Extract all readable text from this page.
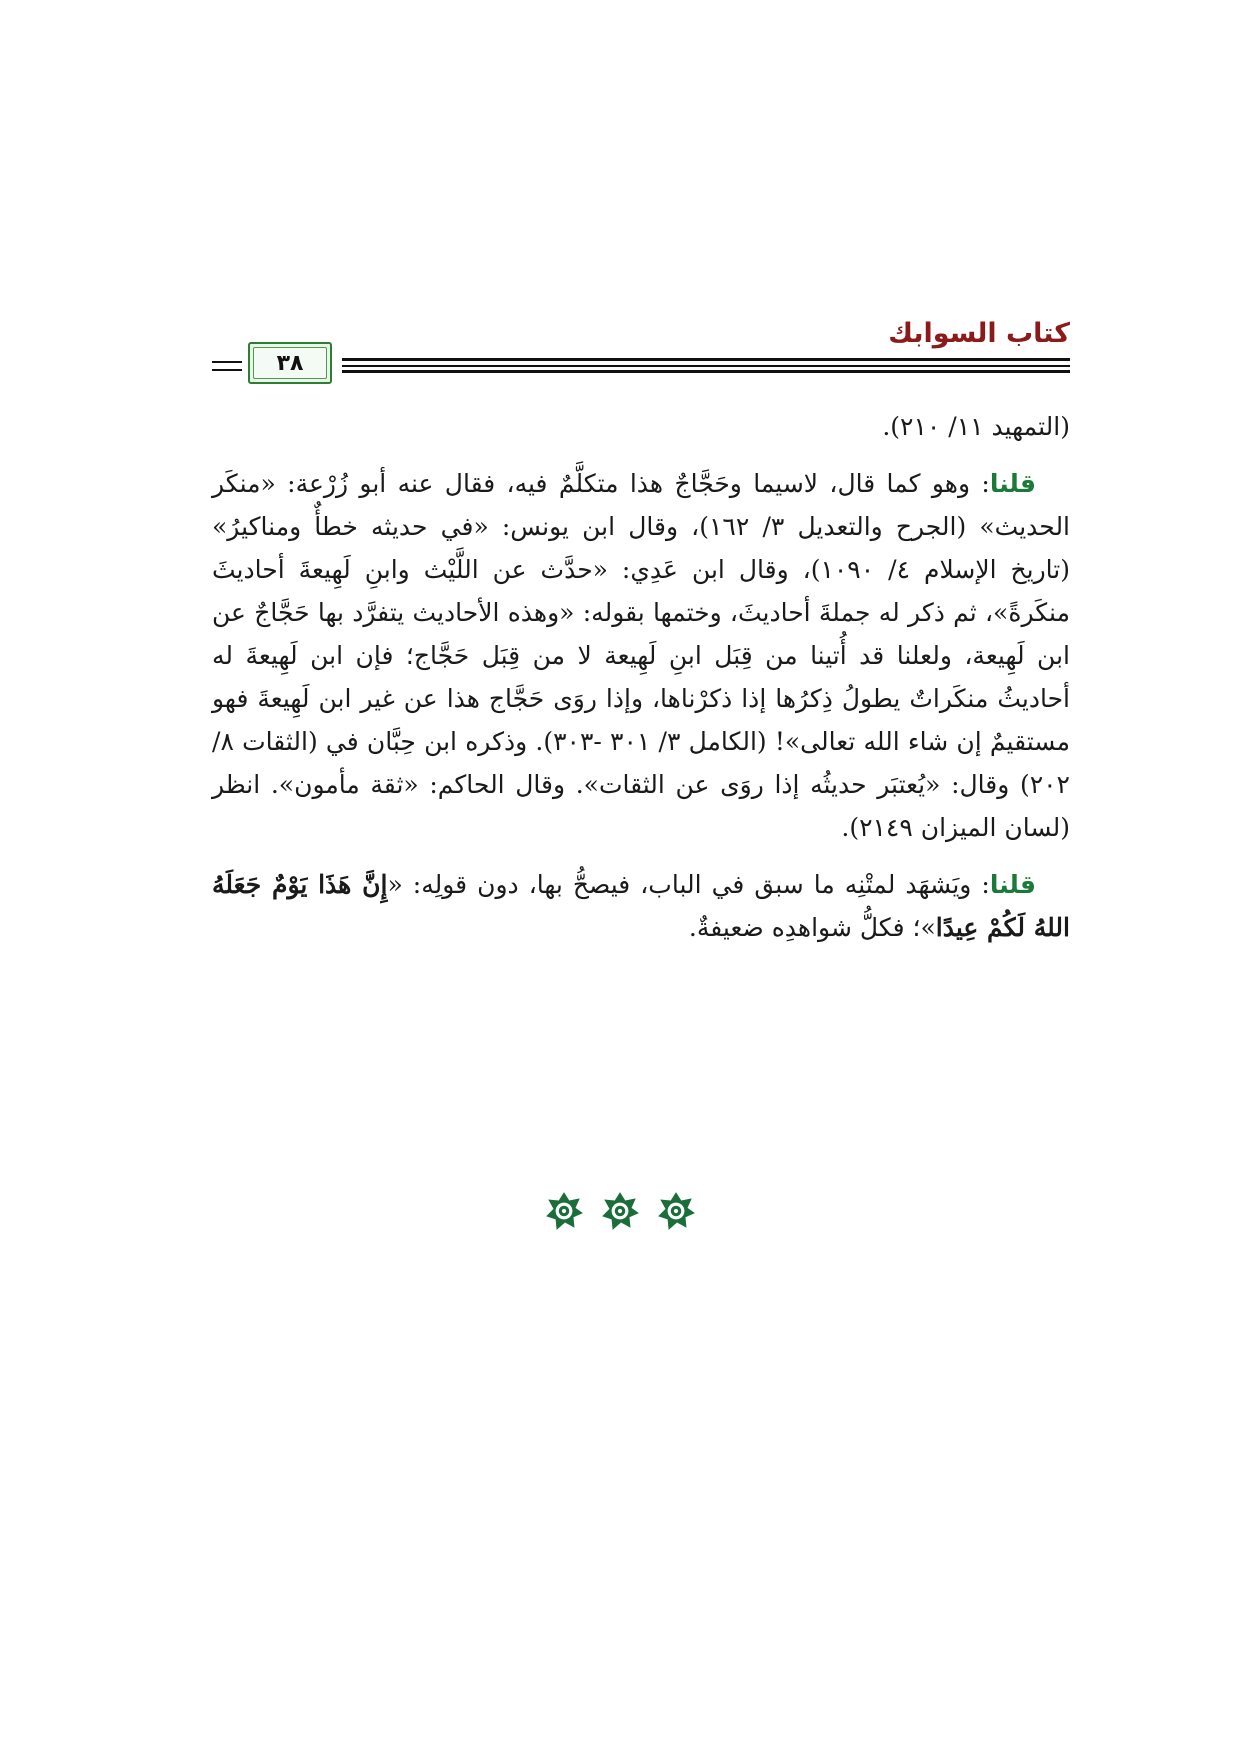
كتاب السوابك
٣٨

(التمهيد ١١/ ٢١٠).

قلنا: وهو كما قال، لاسيما وحَجَّاجٌ هذا متكلَّمٌ فيه، فقال عنه أبو زُرْعة: «منكَر الحديث» (الجرح والتعديل ٣/ ١٦٢)، وقال ابن يونس: «في حديثه خطأٌ ومناكيرُ» (تاريخ الإسلام ٤/ ١٠٩٠)، وقال ابن عَدِي: «حدَّث عن اللَّيْث وابنِ لَهِيعةَ أحاديثَ منكَرةً»، ثم ذكر له جملةَ أحاديثَ، وختمها بقوله: «وهذه الأحاديث يتفرَّد بها حَجَّاجٌ عن ابن لَهِيعة، ولعلنا قد أُتينا من قِبَل ابنِ لَهِيعة لا من قِبَل حَجَّاج؛ فإن ابن لَهِيعةَ له أحاديثُ منكَراتٌ يطولُ ذِكرُها إذا ذكرْناها، وإذا روَى حَجَّاج هذا عن غير ابن لَهِيعةَ فهو مستقيمٌ إن شاء الله تعالى»! (الكامل ٣/ ٣٠١ -٣٠٣). وذكره ابن حِبَّان في (الثقات ٨/ ٢٠٢) وقال: «يُعتبَر حديثُه إذا روَى عن الثقات». وقال الحاكم: «ثقة مأمون». انظر (لسان الميزان ٢١٤٩).

قلنا: ويَشهَد لمتْنِه ما سبق في الباب، فيصحُّ بها، دون قولِه: «إِنَّ هَذَا يَوْمٌ جَعَلَهُ اللهُ لَكُمْ عِيدًا»؛ فكلُّ شواهدِه ضعيفةٌ.
